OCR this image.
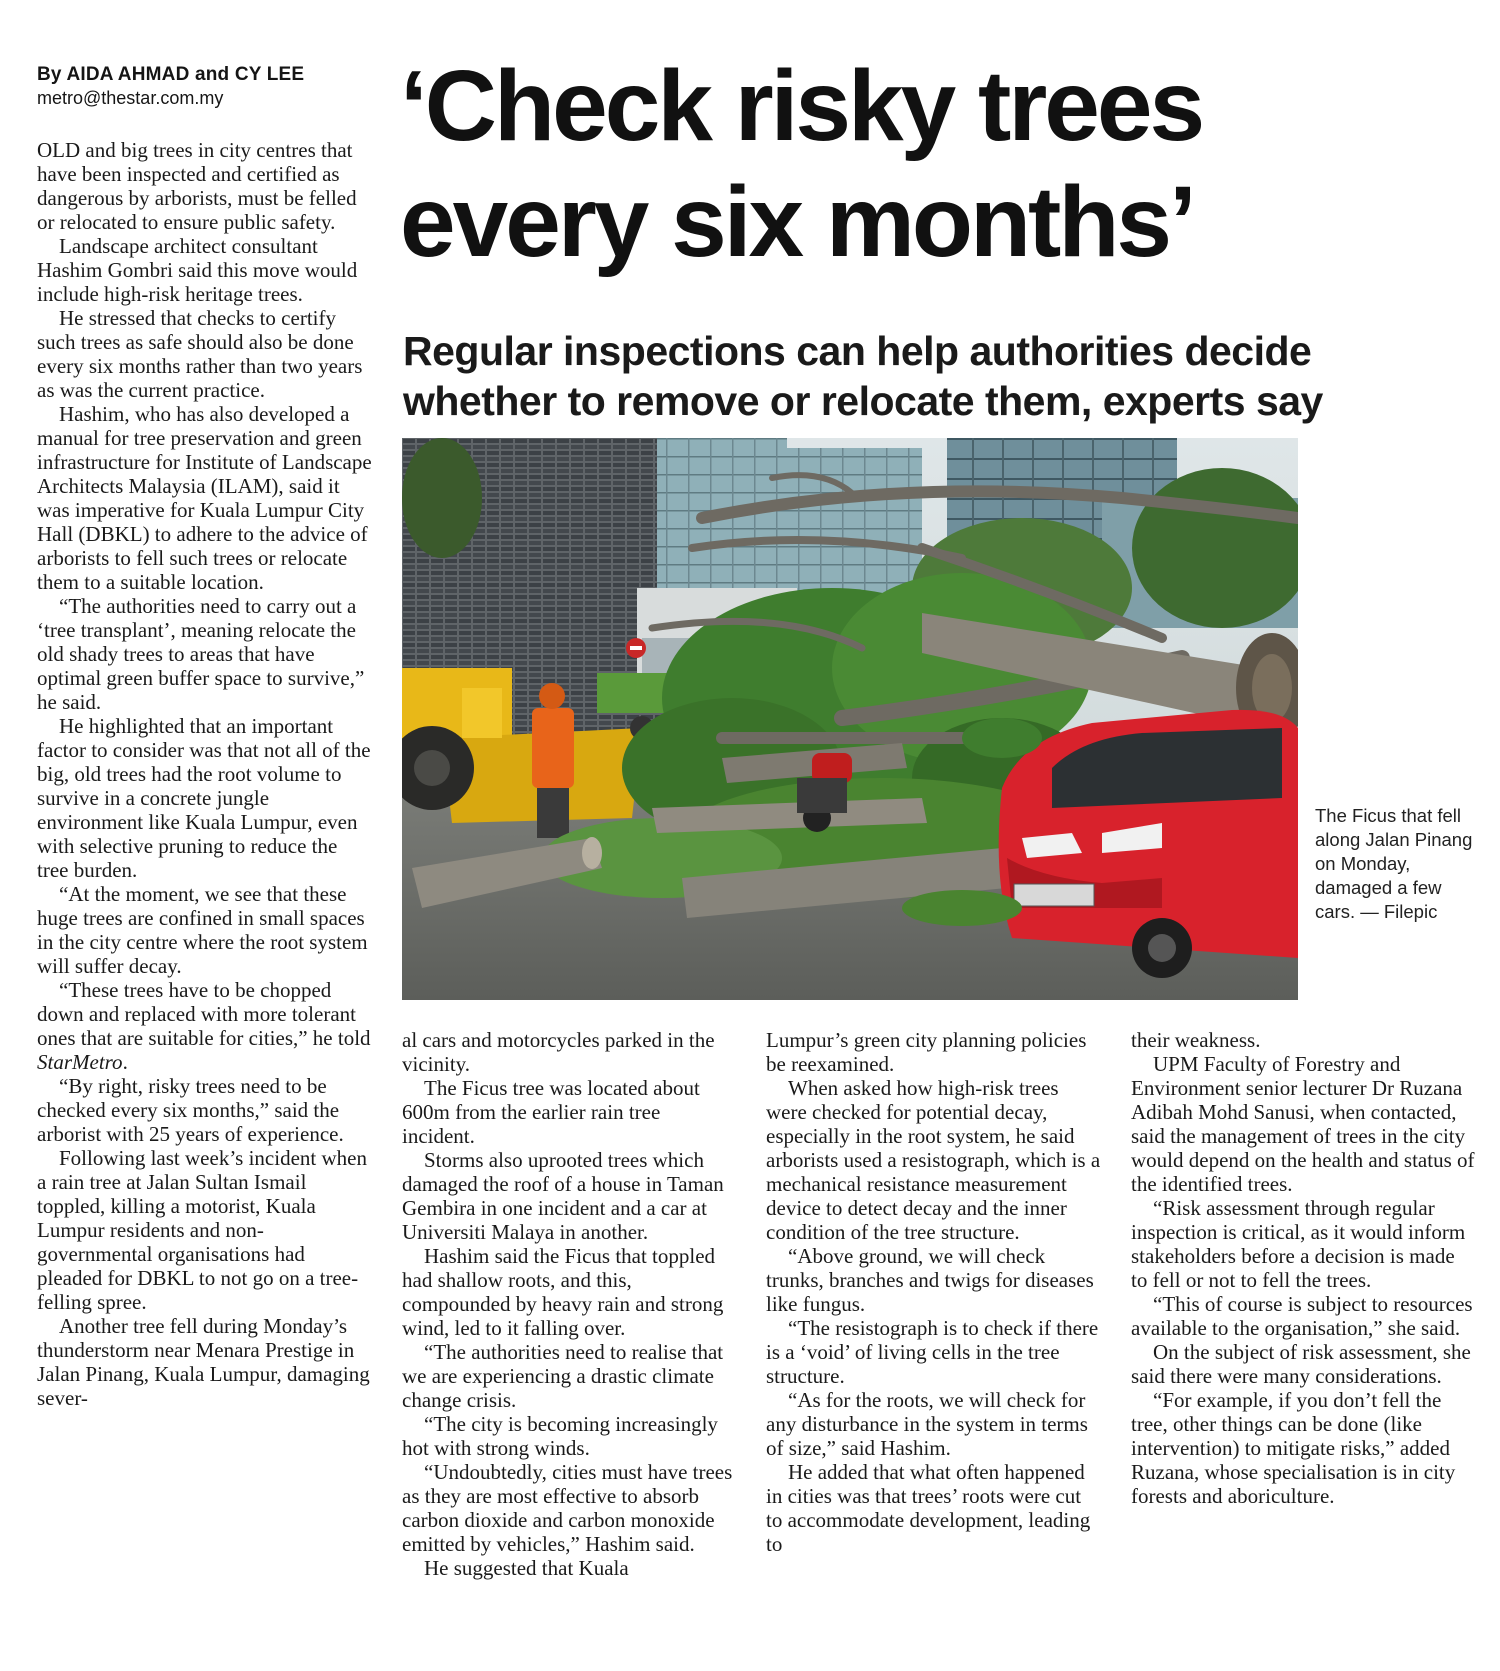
By AIDA AHMAD and CY LEE
metro@thestar.com.my	‘Check risky trees
every six months’
Regular inspections can help authorities decide
whether to remove or relocate them, experts say
The Ficus that fell along Jalan Pinang on Monday, damaged a few cars. — Filepic

OLD and big trees in city centres that have been inspected and certified as dangerous by arborists, must be felled or relocated to ensure public safety.

Landscape architect consultant Hashim Gombri said this move would include high-risk heritage trees.

He stressed that checks to certify such trees as safe should also be done every six months rather than two years as was the current practice.

Hashim, who has also developed a manual for tree preservation and green infrastructure for Institute of Landscape Architects Malaysia (ILAM), said it was imperative for Kuala Lumpur City Hall (DBKL) to adhere to the advice of arborists to fell such trees or relocate them to a suitable location.

“The authorities need to carry out a ‘tree transplant’, meaning relocate the old shady trees to areas that have optimal green buffer space to survive,” he said.

He highlighted that an important factor to consider was that not all of the big, old trees had the root volume to survive in a concrete jungle environment like Kuala Lumpur, even with selective pruning to reduce the tree burden.

“At the moment, we see that these huge trees are confined in small spaces in the city centre where the root system will suffer decay.

“These trees have to be chopped down and replaced with more tolerant ones that are suitable for cities,” he told StarMetro.

“By right, risky trees need to be checked every six months,” said the arborist with 25 years of experience.

Following last week’s incident when a rain tree at Jalan Sultan Ismail toppled, killing a motorist, Kuala Lumpur residents and non-governmental organisations had pleaded for DBKL to not go on a tree-felling spree.

Another tree fell during Monday’s thunderstorm near Menara Prestige in Jalan Pinang, Kuala Lumpur, damaging sever-

al cars and motorcycles parked in the vicinity.

The Ficus tree was located about 600m from the earlier rain tree incident.

Storms also uprooted trees which damaged the roof of a house in Taman Gembira in one incident and a car at Universiti Malaya in another.

Hashim said the Ficus that toppled had shallow roots, and this, compounded by heavy rain and strong wind, led to it falling over.

“The authorities need to realise that we are experiencing a drastic climate change crisis.

“The city is becoming increasingly hot with strong winds.

“Undoubtedly, cities must have trees as they are most effective to absorb carbon dioxide and carbon monoxide emitted by vehicles,” Hashim said.

He suggested that Kuala

Lumpur’s green city planning policies be reexamined.

When asked how high-risk trees were checked for potential decay, especially in the root system, he said arborists used a resistograph, which is a mechanical resistance measurement device to detect decay and the inner condition of the tree structure.

“Above ground, we will check trunks, branches and twigs for diseases like fungus.

“The resistograph is to check if there is a ‘void’ of living cells in the tree structure.

“As for the roots, we will check for any disturbance in the system in terms of size,” said Hashim.

He added that what often happened in cities was that trees’ roots were cut to accommodate development, leading to

their weakness.

UPM Faculty of Forestry and Environment senior lecturer Dr Ruzana Adibah Mohd Sanusi, when contacted, said the management of trees in the city would depend on the health and status of the identified trees.

“Risk assessment through regular inspection is critical, as it would inform stakeholders before a decision is made to fell or not to fell the trees.

“This of course is subject to resources available to the organisation,” she said.

On the subject of risk assessment, she said there were many considerations.

“For example, if you don’t fell the tree, other things can be done (like intervention) to mitigate risks,” added Ruzana, whose specialisation is in city forests and aboriculture.
